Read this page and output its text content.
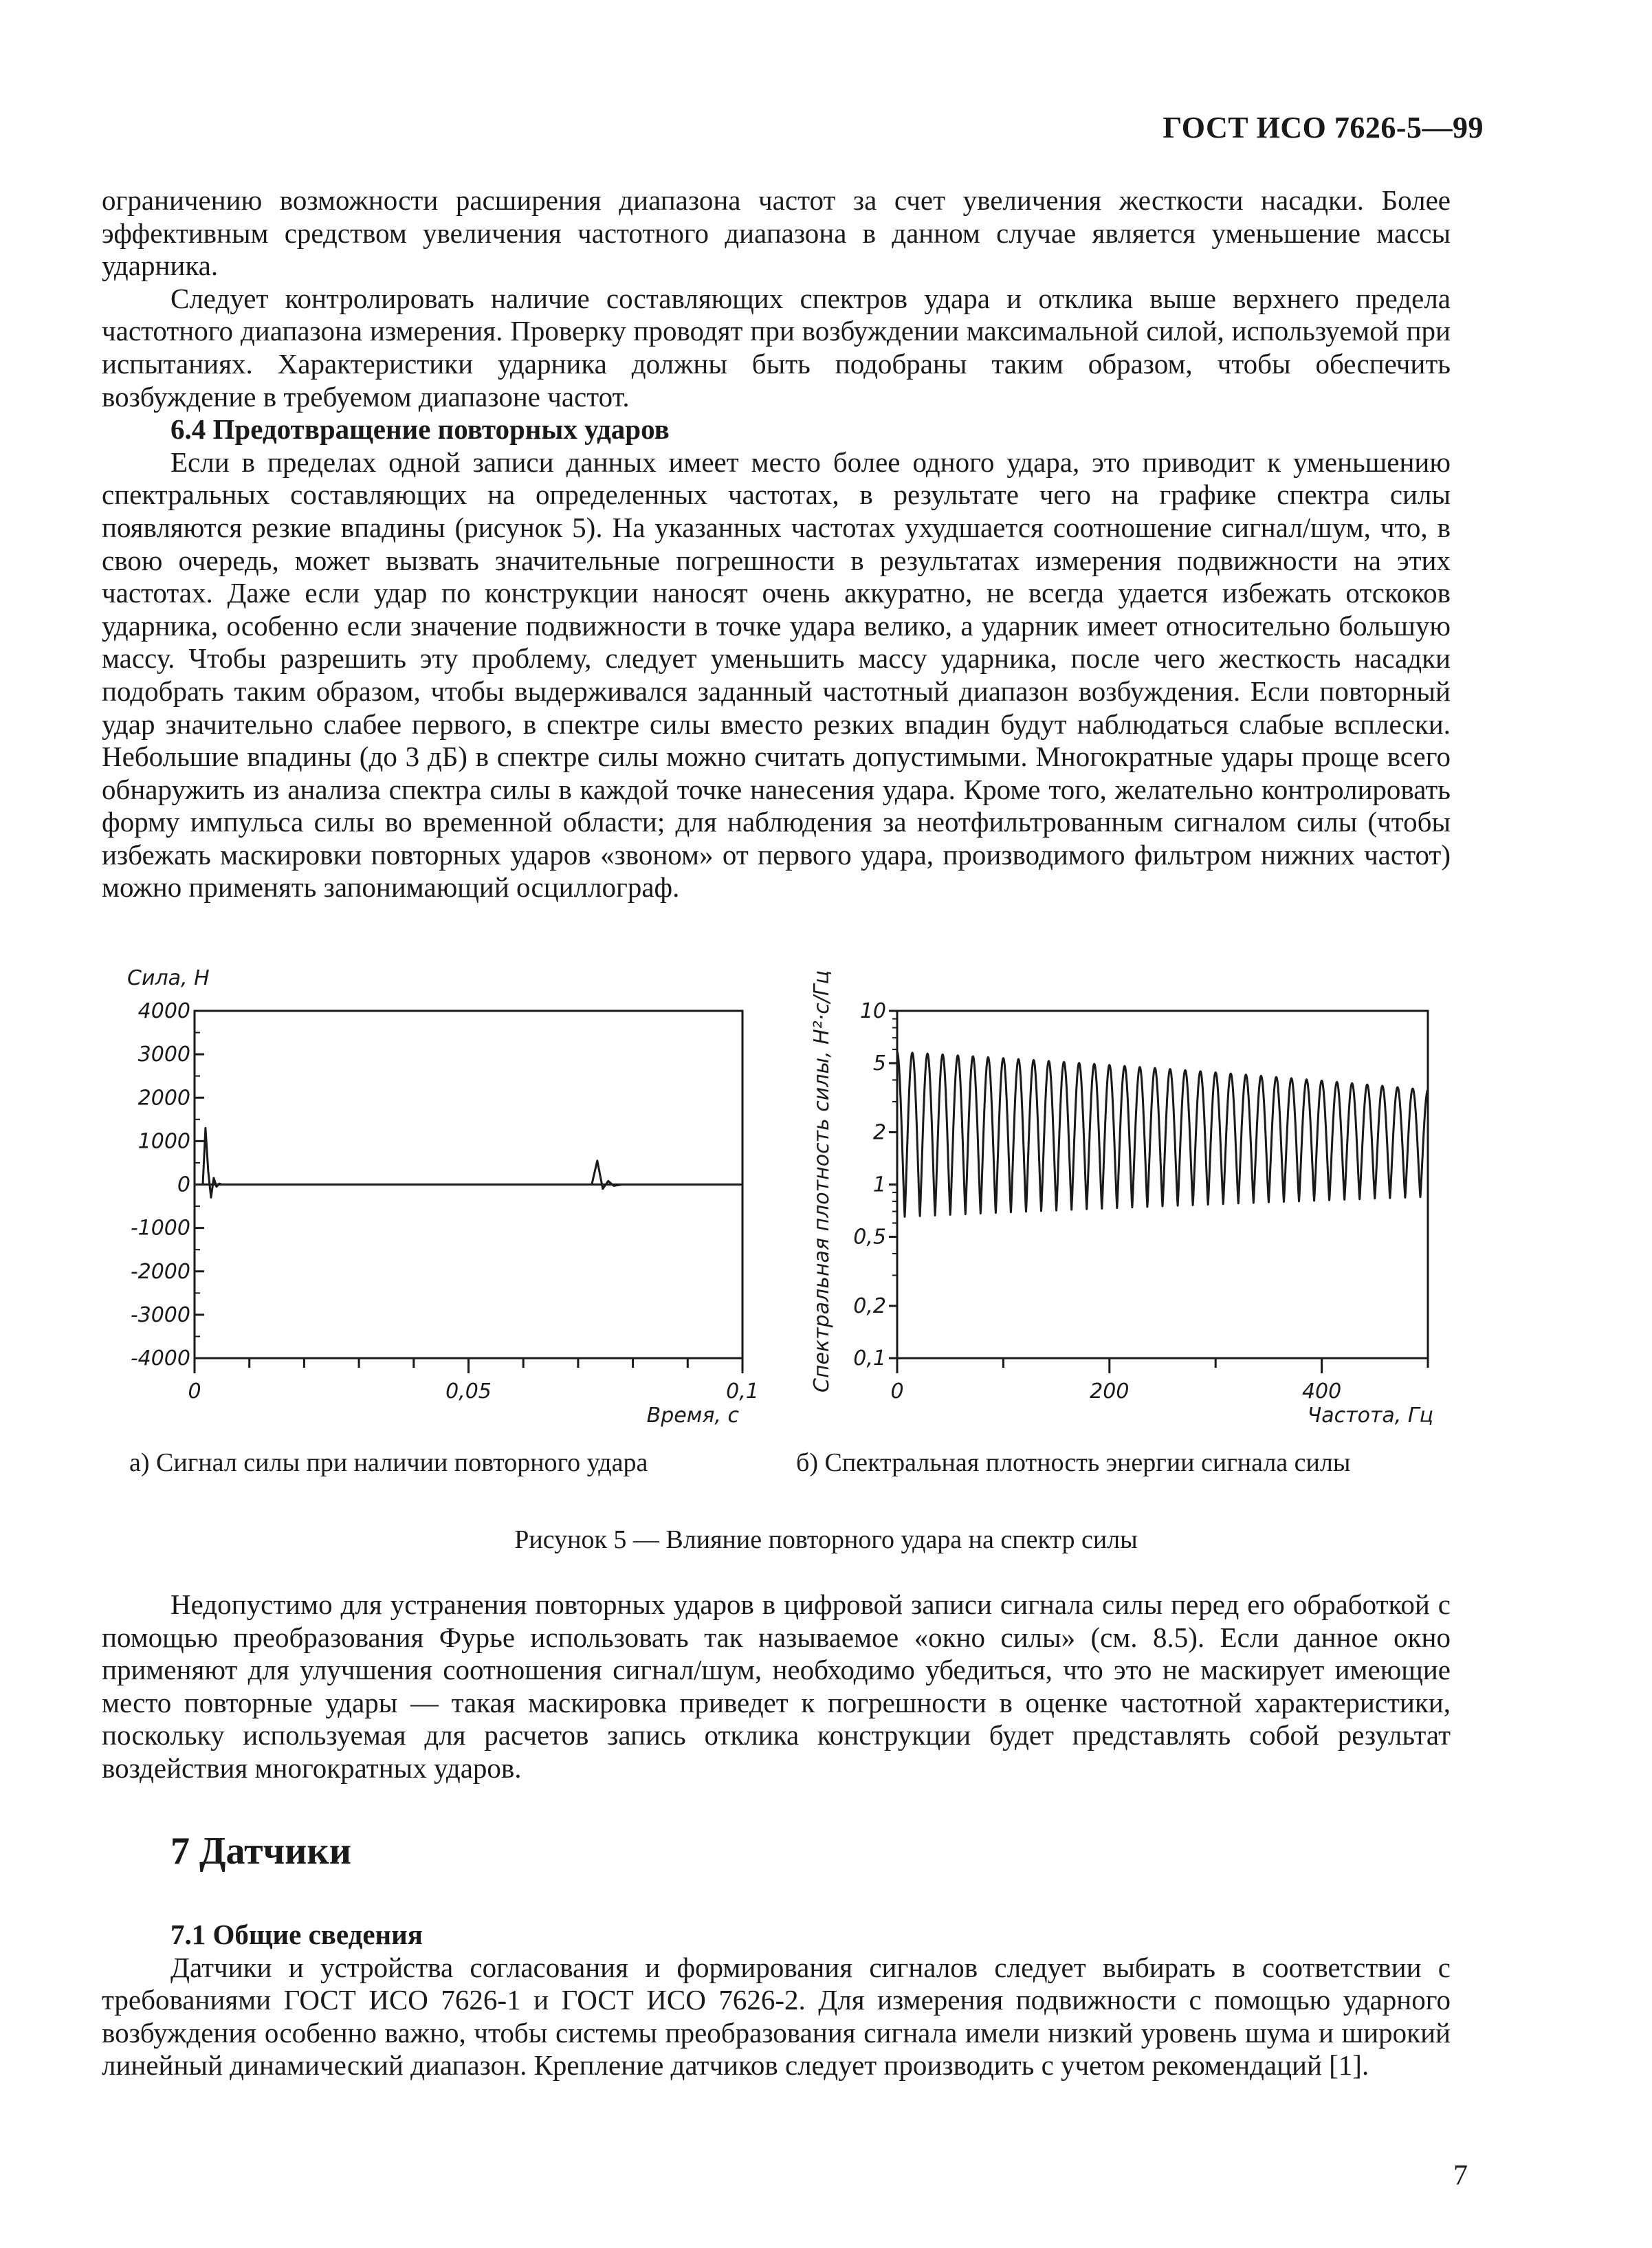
ГОСТ ИСО 7626-5—99

ограничению возможности расширения диапазона частот за счет увеличения жесткости насадки. Более эффективным средством увеличения частотного диапазона в данном случае является уменьшение массы ударника.

Следует контролировать наличие составляющих спектров удара и отклика выше верхнего предела частотного диапазона измерения. Проверку проводят при возбуждении максимальной силой, используемой при испытаниях. Характеристики ударника должны быть подобраны таким образом, чтобы обеспечить возбуждение в требуемом диапазоне частот.

6.4 Предотвращение повторных ударов

Если в пределах одной записи данных имеет место более одного удара, это приводит к уменьшению спектральных составляющих на определенных частотах, в результате чего на графике спектра силы появляются резкие впадины (рисунок 5). На указанных частотах ухудшается соотношение сигнал/шум, что, в свою очередь, может вызвать значительные погрешности в результатах измерения подвижности на этих частотах. Даже если удар по конструкции наносят очень аккуратно, не всегда удается избежать отскоков ударника, особенно если значение подвижности в точке удара велико, а ударник имеет относительно большую массу. Чтобы разрешить эту проблему, следует уменьшить массу ударника, после чего жесткость насадки подобрать таким образом, чтобы выдерживался заданный частотный диапазон возбуждения. Если повторный удар значительно слабее первого, в спектре силы вместо резких впадин будут наблюдаться слабые всплески. Небольшие впадины (до 3 дБ) в спектре силы можно считать допустимыми. Многократные удары проще всего обнаружить из анализа спектра силы в каждой точке нанесения удара. Кроме того, желательно контролировать форму импульса силы во временной области; для наблюдения за неотфильтрованным сигналом силы (чтобы избежать маскировки повторных ударов «звоном» от первого удара, производимого фильтром нижних частот) можно применять запонимающий осциллограф.

Сила, Н
4000
3000
2000
1000
0
-1000
-2000
-3000
-4000
0	0,05	0,1
Время, с
Спектральная плотность силы, Н²·с/Гц 10
5
2
1
0,5
0,2
0,1
0	200	400
Частота, Гц
а) Сигнал силы при наличии повторного удара	б) Спектральная плотность энергии сигнала силы
Рисунок 5 — Влияние повторного удара на спектр силы

Недопустимо для устранения повторных ударов в цифровой записи сигнала силы перед его обработкой с помощью преобразования Фурье использовать так называемое «окно силы» (см. 8.5). Если данное окно применяют для улучшения соотношения сигнал/шум, необходимо убедиться, что это не маскирует имеющие место повторные удары — такая маскировка приведет к погрешности в оценке частотной характеристики, поскольку используемая для расчетов запись отклика конструкции будет представлять собой результат воздействия многократных ударов.

7 Датчики

7.1 Общие сведения

Датчики и устройства согласования и формирования сигналов следует выбирать в соответствии с требованиями ГОСТ ИСО 7626-1 и ГОСТ ИСО 7626-2. Для измерения подвижности с помощью ударного возбуждения особенно важно, чтобы системы преобразования сигнала имели низкий уровень шума и широкий линейный динамический диапазон. Крепление датчиков следует производить с учетом рекомендаций [1].

7
